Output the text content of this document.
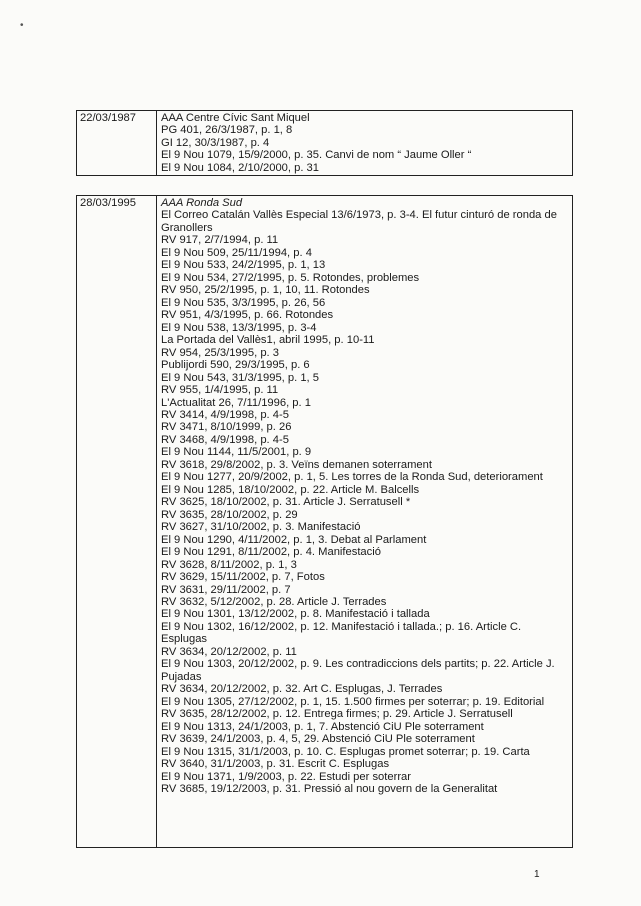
•
22/03/1987	AAA Centre Cívic Sant Miquel
PG 401, 26/3/1987, p. 1, 8
GI 12, 30/3/1987, p. 4
El 9 Nou 1079, 15/9/2000, p. 35. Canvi de nom “ Jaume Oller “
El 9 Nou 1084, 2/10/2000, p. 31
28/03/1995	AAA Ronda Sud
El Correo Catalán Vallès Especial 13/6/1973, p. 3-4. El futur cinturó de ronda de Granollers
RV 917, 2/7/1994, p. 11
El 9 Nou 509, 25/11/1994, p. 4
El 9 Nou 533, 24/2/1995, p. 1, 13
El 9 Nou 534, 27/2/1995, p. 5. Rotondes, problemes
RV 950, 25/2/1995, p. 1, 10, 11. Rotondes
El 9 Nou 535, 3/3/1995, p. 26, 56
RV 951, 4/3/1995, p. 66. Rotondes
El 9 Nou 538, 13/3/1995, p. 3-4
La Portada del Vallès1, abril 1995, p. 10-11
RV 954, 25/3/1995, p. 3
Publijordi 590, 29/3/1995, p. 6
El 9 Nou 543, 31/3/1995, p. 1, 5
RV 955, 1/4/1995, p. 11
L'Actualitat 26, 7/11/1996, p. 1
RV 3414, 4/9/1998, p. 4-5
RV 3471, 8/10/1999, p. 26
RV 3468, 4/9/1998, p. 4-5
El 9 Nou 1144, 11/5/2001, p. 9
RV 3618, 29/8/2002, p. 3. Veïns demanen soterrament
El 9 Nou 1277, 20/9/2002, p. 1, 5. Les torres de la Ronda Sud, deteriorament
El 9 Nou 1285, 18/10/2002, p. 22. Article M. Balcells
RV 3625, 18/10/2002, p. 31. Article J. Serratusell *
RV 3635, 28/10/2002, p. 29
RV 3627, 31/10/2002, p. 3. Manifestació
El 9 Nou 1290, 4/11/2002, p. 1, 3. Debat al Parlament
El 9 Nou 1291, 8/11/2002, p. 4. Manifestació
RV 3628, 8/11/2002, p. 1, 3
RV 3629, 15/11/2002, p. 7, Fotos
RV 3631, 29/11/2002, p. 7
RV 3632, 5/12/2002, p. 28. Article J. Terrades
El 9 Nou 1301, 13/12/2002, p. 8. Manifestació i tallada
El 9 Nou 1302, 16/12/2002, p. 12. Manifestació i tallada.; p. 16. Article C. Esplugas
RV 3634, 20/12/2002, p. 11
El 9 Nou 1303, 20/12/2002, p. 9. Les contradiccions dels partits; p. 22. Article J. Pujadas
RV 3634, 20/12/2002, p. 32. Art C. Esplugas, J. Terrades
El 9 Nou 1305, 27/12/2002, p. 1, 15. 1.500 firmes per soterrar; p. 19. Editorial
RV 3635, 28/12/2002, p. 12. Entrega firmes; p. 29. Article J. Serratusell
El 9 Nou 1313, 24/1/2003, p. 1, 7. Abstenció CiU Ple soterrament
RV 3639, 24/1/2003, p. 4, 5, 29. Abstenció CiU Ple soterrament
El 9 Nou 1315, 31/1/2003, p. 10. C. Esplugas promet soterrar; p. 19. Carta
RV 3640, 31/1/2003, p. 31. Escrit C. Esplugas
El 9 Nou 1371, 1/9/2003, p. 22. Estudi per soterrar
RV 3685, 19/12/2003, p. 31. Pressió al nou govern de la Generalitat
1
